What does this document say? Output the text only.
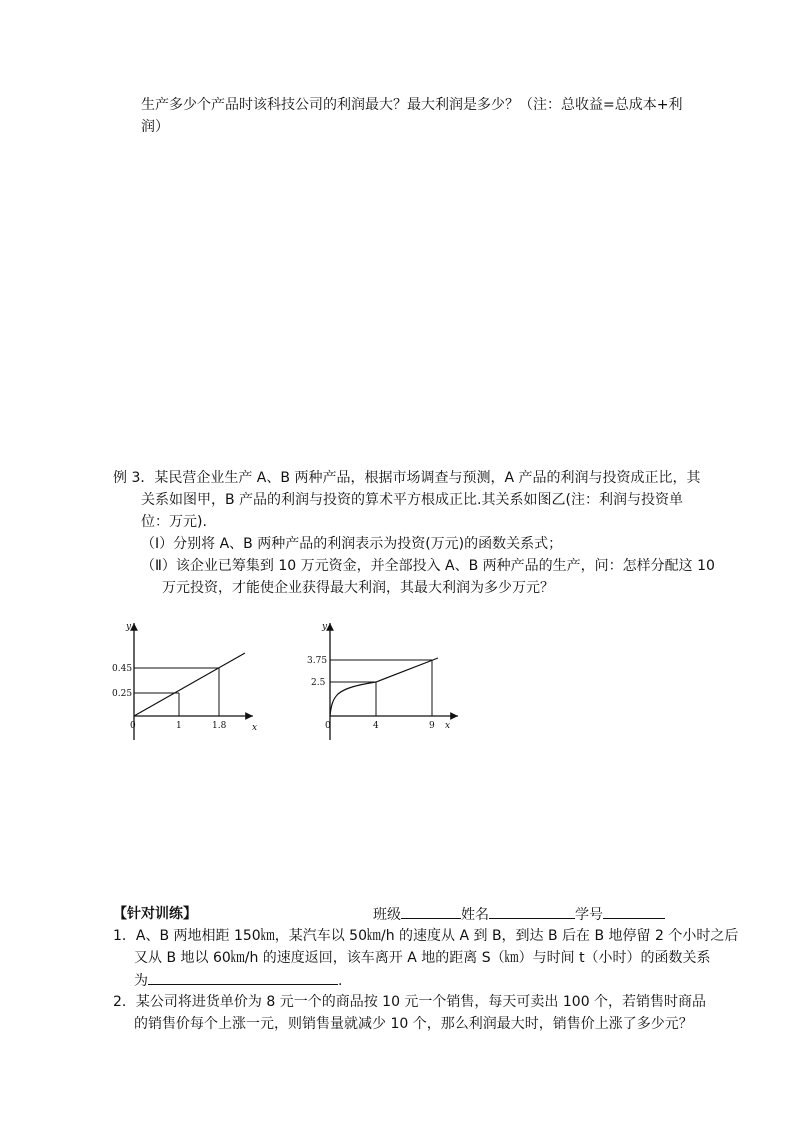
生产多少个产品时该科技公司的利润最大？最大利润是多少？（注：总收益=总成本+利
润）
例 3．某民营企业生产 A、B 两种产品，根据市场调查与预测，A 产品的利润与投资成正比，其
关系如图甲，B 产品的利润与投资的算术平方根成正比.其关系如图乙(注：利润与投资单
位：万元).
（Ⅰ）分别将 A、B 两种产品的利润表示为投资(万元)的函数关系式；
（Ⅱ）该企业已筹集到 10 万元资金，并全部投入 A、B 两种产品的生产，问：怎样分配这 10
万元投资，才能使企业获得最大利润，其最大利润为多少万元？
y
x
0
0.45
0.25
1	1.8
y
x
0
3.75
2.5
4	9
【针对训练】	班级	姓名	学号
1．A、B 两地相距 150㎞，某汽车以 50㎞/h 的速度从 A 到 B，到达 B 后在 B 地停留 2 个小时之后
又从 B 地以 60㎞/h 的速度返回，该车离开 A 地的距离 S（㎞）与时间 t（小时）的函数关系
为	.
2．某公司将进货单价为 8 元一个的商品按 10 元一个销售，每天可卖出 100 个，若销售时商品
的销售价每个上涨一元，则销售量就减少 10 个，那么利润最大时，销售价上涨了多少元？
